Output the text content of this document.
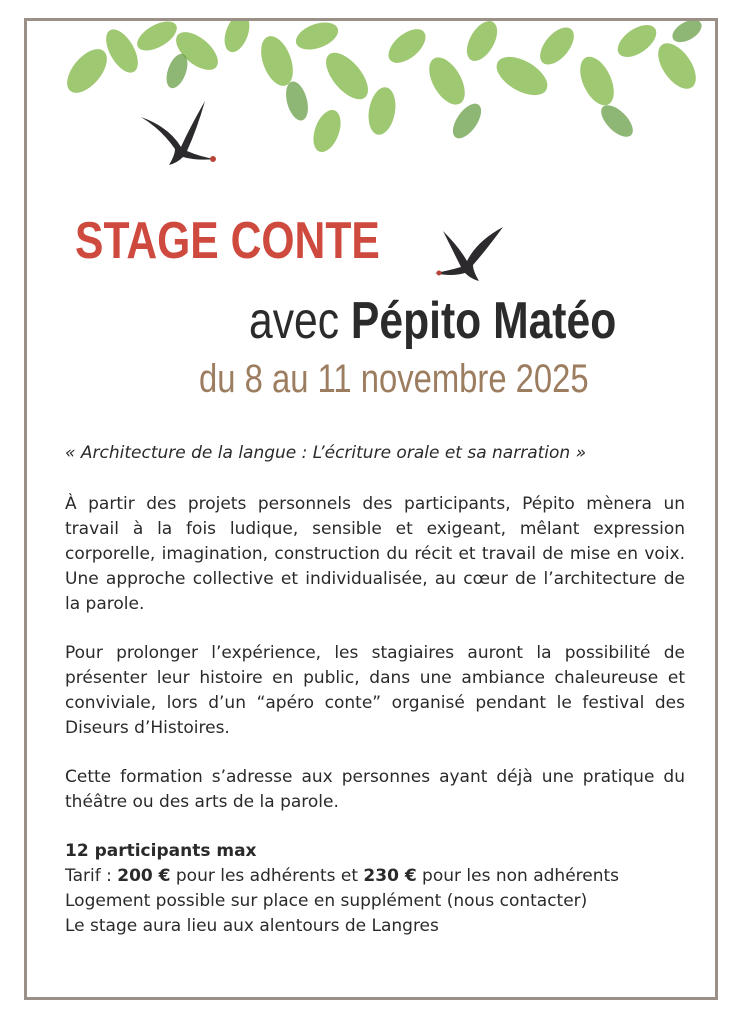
STAGE CONTE
avec Pépito Matéo
du 8 au 11 novembre 2025
« Architecture de la langue : L’écriture orale et sa narration »

À partir des projets personnels des participants, Pépito mènera un travail à la fois ludique, sensible et exigeant, mêlant expression corporelle, imagination, construction du récit et travail de mise en voix. Une approche collective et individualisée, au cœur de l’architecture de la parole.

Pour prolonger l’expérience, les stagiaires auront la possibilité de présenter leur histoire en public, dans une ambiance chaleureuse et conviviale, lors d’un “apéro conte” organisé pendant le festival des Diseurs d’Histoires.

Cette formation s’adresse aux personnes ayant déjà une pratique du théâtre ou des arts de la parole.

12 participants max
Tarif : 200 € pour les adhérents et 230 € pour les non adhérents
Logement possible sur place en supplément (nous contacter)
Le stage aura lieu aux alentours de Langres
